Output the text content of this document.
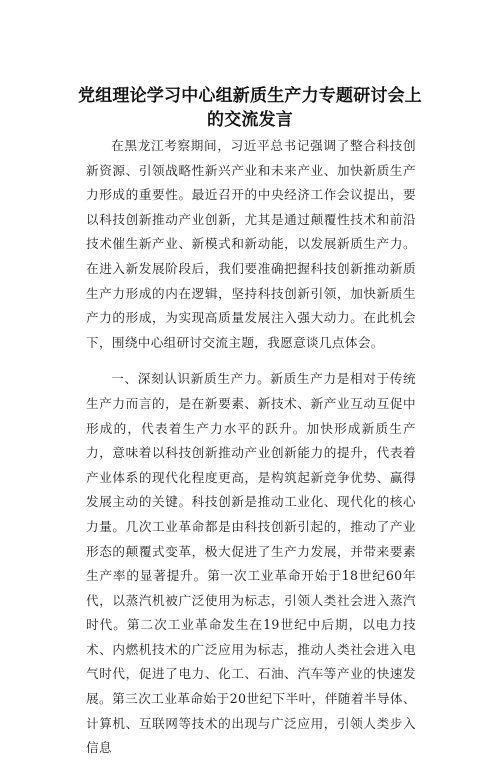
党组理论学习中心组新质生产力专题研讨会上
的交流发言

在黑龙江考察期间，习近平总书记强调了整合科技创新资源、引领战略性新兴产业和未来产业、加快新质生产力形成的重要性。最近召开的中央经济工作会议提出，要以科技创新推动产业创新，尤其是通过颠覆性技术和前沿技术催生新产业、新模式和新动能，以发展新质生产力。在进入新发展阶段后，我们要准确把握科技创新推动新质生产力形成的内在逻辑，坚持科技创新引领，加快新质生产力的形成，为实现高质量发展注入强大动力。在此机会下，围绕中心组研讨交流主题，我愿意谈几点体会。

一、深刻认识新质生产力。新质生产力是相对于传统生产力而言的，是在新要素、新技术、新产业互动互促中形成的，代表着生产力水平的跃升。加快形成新质生产力，意味着以科技创新推动产业创新能力的提升，代表着产业体系的现代化程度更高，是构筑起新竞争优势、赢得发展主动的关键。科技创新是推动工业化、现代化的核心力量。几次工业革命都是由科技创新引起的，推动了产业形态的颠覆式变革，极大促进了生产力发展，并带来要素生产率的显著提升。第一次工业革命开始于18世纪60年代，以蒸汽机被广泛使用为标志，引领人类社会进入蒸汽时代。第二次工业革命发生在19世纪中后期，以电力技术、内燃机技术的广泛应用为标志，推动人类社会进入电气时代，促进了电力、化工、石油、汽车等产业的快速发展。第三次工业革命始于20世纪下半叶，伴随着半导体、计算机、互联网等技术的出现与广泛应用，引领人类步入信息
